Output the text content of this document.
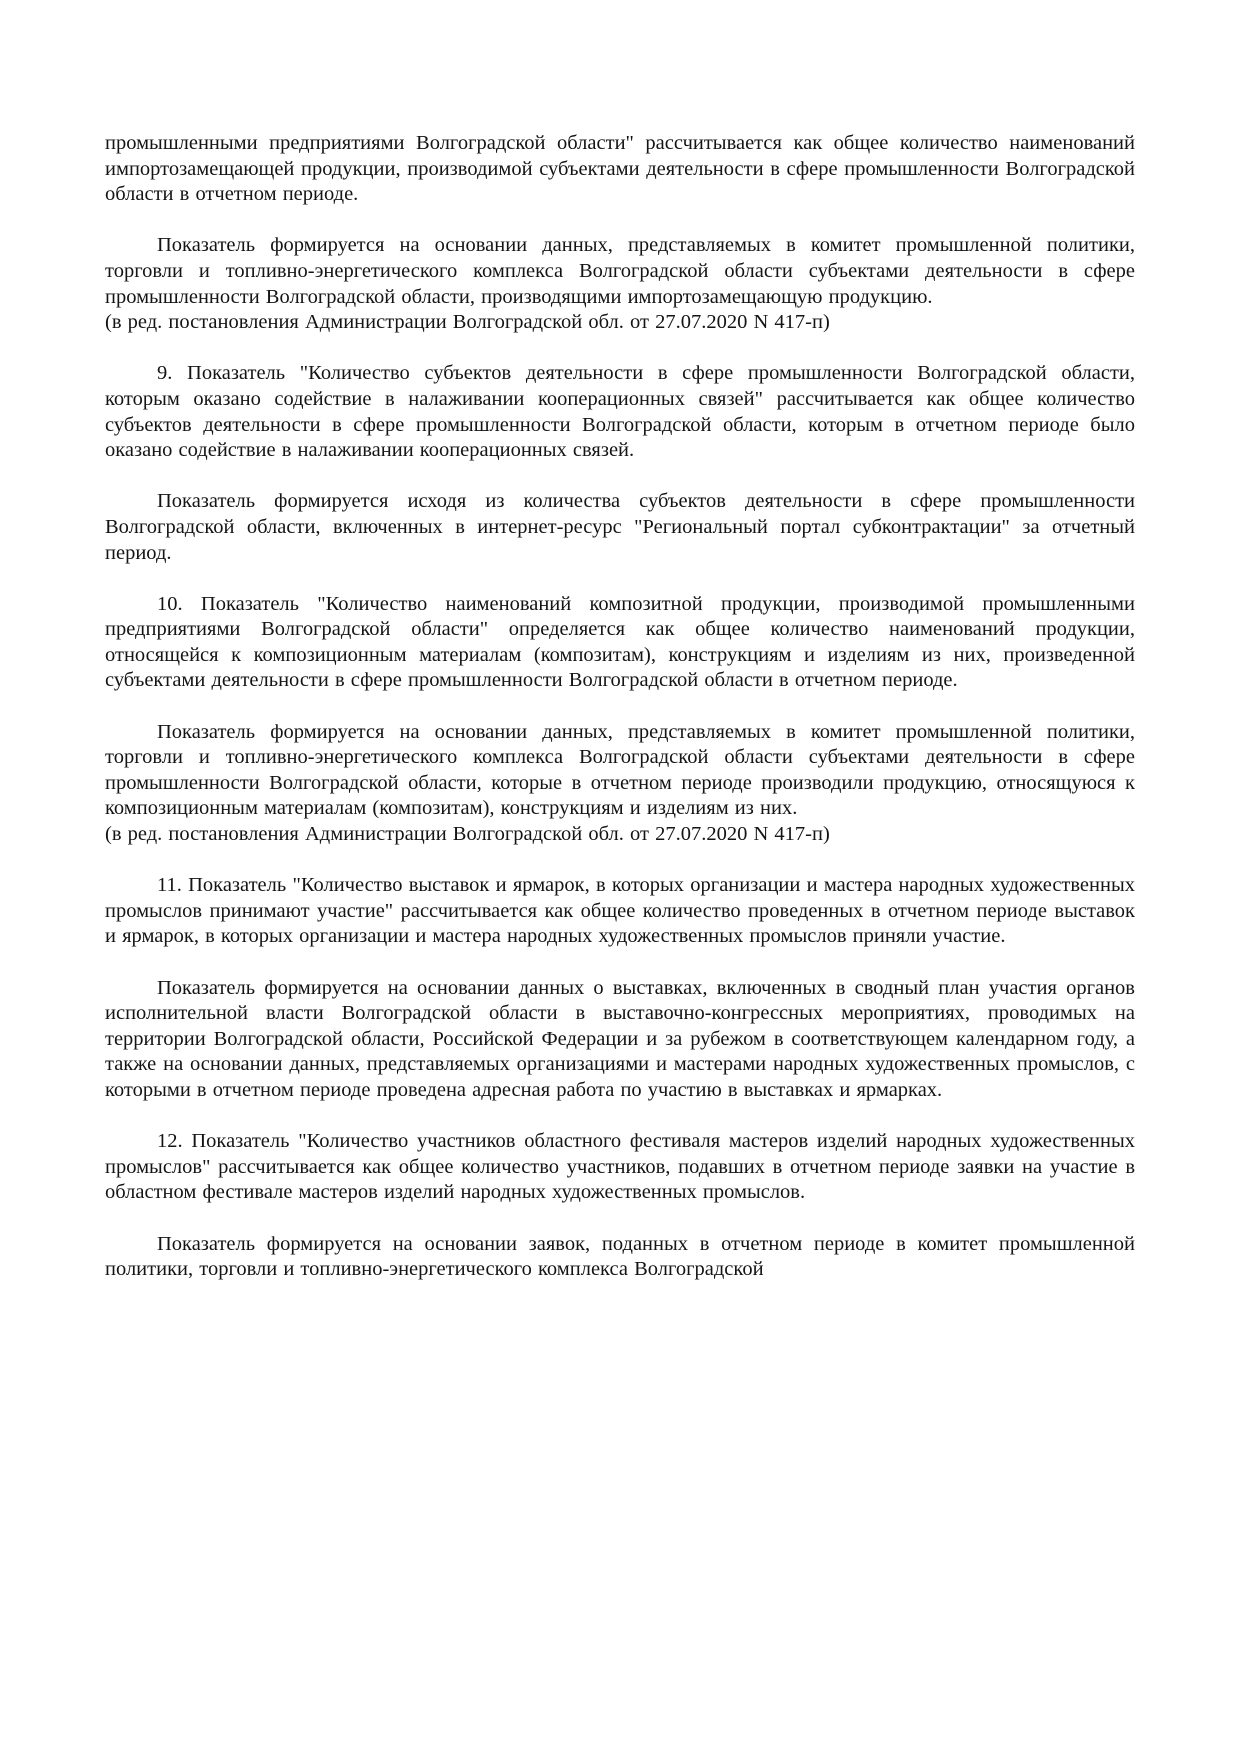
промышленными предприятиями Волгоградской области" рассчитывается как общее количество наименований импортозамещающей продукции, производимой субъектами деятельности в сфере промышленности Волгоградской области в отчетном периоде.

Показатель формируется на основании данных, представляемых в комитет промышленной политики, торговли и топливно-энергетического комплекса Волгоградской области субъектами деятельности в сфере промышленности Волгоградской области, производящими импортозамещающую продукцию.

(в ред. постановления Администрации Волгоградской обл. от 27.07.2020 N 417-п)

9. Показатель "Количество субъектов деятельности в сфере промышленности Волгоградской области, которым оказано содействие в налаживании кооперационных связей" рассчитывается как общее количество субъектов деятельности в сфере промышленности Волгоградской области, которым в отчетном периоде было оказано содействие в налаживании кооперационных связей.

Показатель формируется исходя из количества субъектов деятельности в сфере промышленности Волгоградской области, включенных в интернет-ресурс "Региональный портал субконтрактации" за отчетный период.

10. Показатель "Количество наименований композитной продукции, производимой промышленными предприятиями Волгоградской области" определяется как общее количество наименований продукции, относящейся к композиционным материалам (композитам), конструкциям и изделиям из них, произведенной субъектами деятельности в сфере промышленности Волгоградской области в отчетном периоде.

Показатель формируется на основании данных, представляемых в комитет промышленной политики, торговли и топливно-энергетического комплекса Волгоградской области субъектами деятельности в сфере промышленности Волгоградской области, которые в отчетном периоде производили продукцию, относящуюся к композиционным материалам (композитам), конструкциям и изделиям из них.

(в ред. постановления Администрации Волгоградской обл. от 27.07.2020 N 417-п)

11. Показатель "Количество выставок и ярмарок, в которых организации и мастера народных художественных промыслов принимают участие" рассчитывается как общее количество проведенных в отчетном периоде выставок и ярмарок, в которых организации и мастера народных художественных промыслов приняли участие.

Показатель формируется на основании данных о выставках, включенных в сводный план участия органов исполнительной власти Волгоградской области в выставочно-конгрессных мероприятиях, проводимых на территории Волгоградской области, Российской Федерации и за рубежом в соответствующем календарном году, а также на основании данных, представляемых организациями и мастерами народных художественных промыслов, с которыми в отчетном периоде проведена адресная работа по участию в выставках и ярмарках.

12. Показатель "Количество участников областного фестиваля мастеров изделий народных художественных промыслов" рассчитывается как общее количество участников, подавших в отчетном периоде заявки на участие в областном фестивале мастеров изделий народных художественных промыслов.

Показатель формируется на основании заявок, поданных в отчетном периоде в комитет промышленной политики, торговли и топливно-энергетического комплекса Волгоградской
